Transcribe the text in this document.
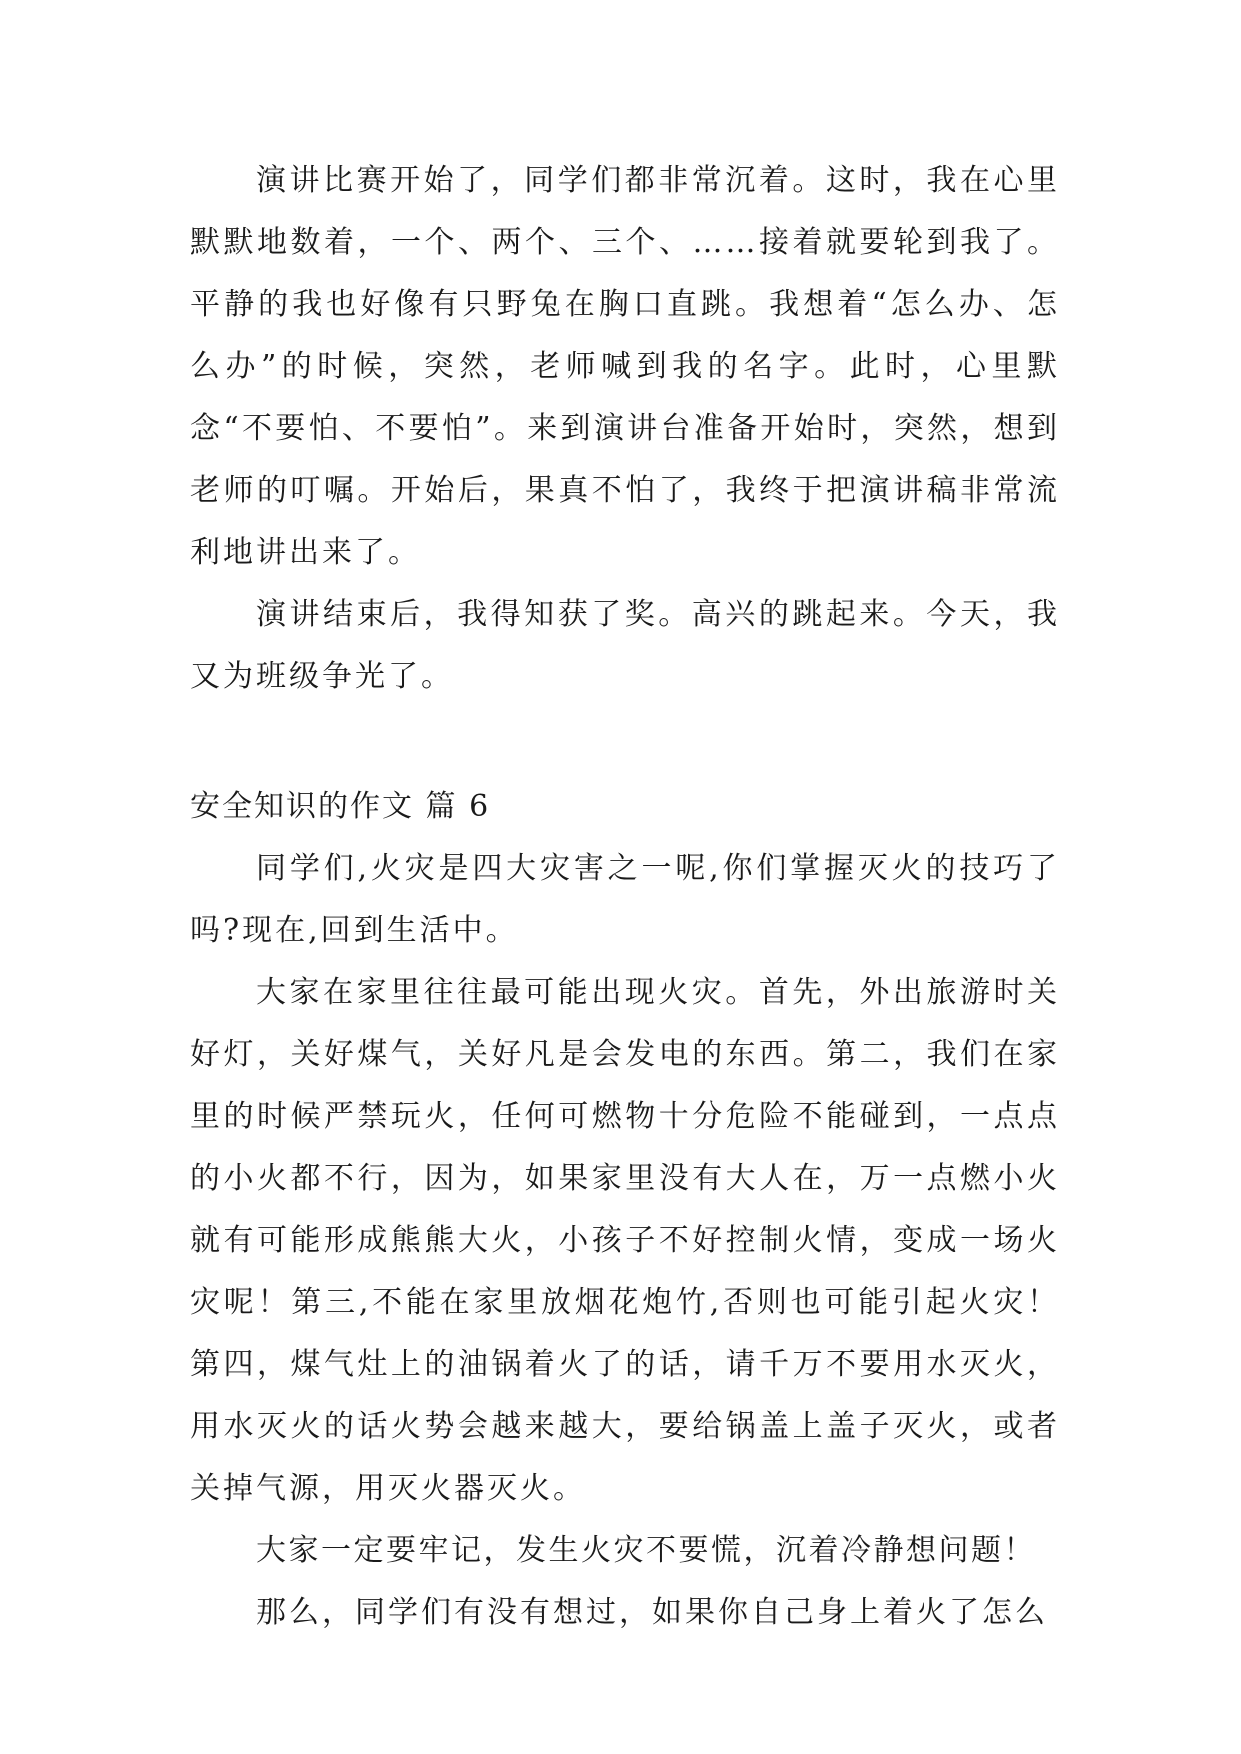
演讲比赛开始了，同学们都非常沉着。这时，我在心里默默地数着，一个、两个、三个、……接着就要轮到我了。平静的我也好像有只野兔在胸口直跳。我想着“怎么办、怎么办”的时候，突然，老师喊到我的名字。此时，心里默念“不要怕、不要怕”。来到演讲台准备开始时，突然，想到老师的叮嘱。开始后，果真不怕了，我终于把演讲稿非常流利地讲出来了。

演讲结束后，我得知获了奖。高兴的跳起来。今天，我又为班级争光了。

安全知识的作文 篇 6

同学们,火灾是四大灾害之一呢,你们掌握灭火的技巧了吗?现在,回到生活中。

大家在家里往往最可能出现火灾。首先，外出旅游时关好灯，关好煤气，关好凡是会发电的东西。第二，我们在家里的时候严禁玩火，任何可燃物十分危险不能碰到，一点点的小火都不行，因为，如果家里没有大人在，万一点燃小火就有可能形成熊熊大火，小孩子不好控制火情，变成一场火灾呢！第三,不能在家里放烟花炮竹,否则也可能引起火灾！第四，煤气灶上的油锅着火了的话，请千万不要用水灭火，用水灭火的话火势会越来越大，要给锅盖上盖子灭火，或者关掉气源，用灭火器灭火。

大家一定要牢记，发生火灾不要慌，沉着冷静想问题！

那么，同学们有没有想过，如果你自己身上着火了怎么
